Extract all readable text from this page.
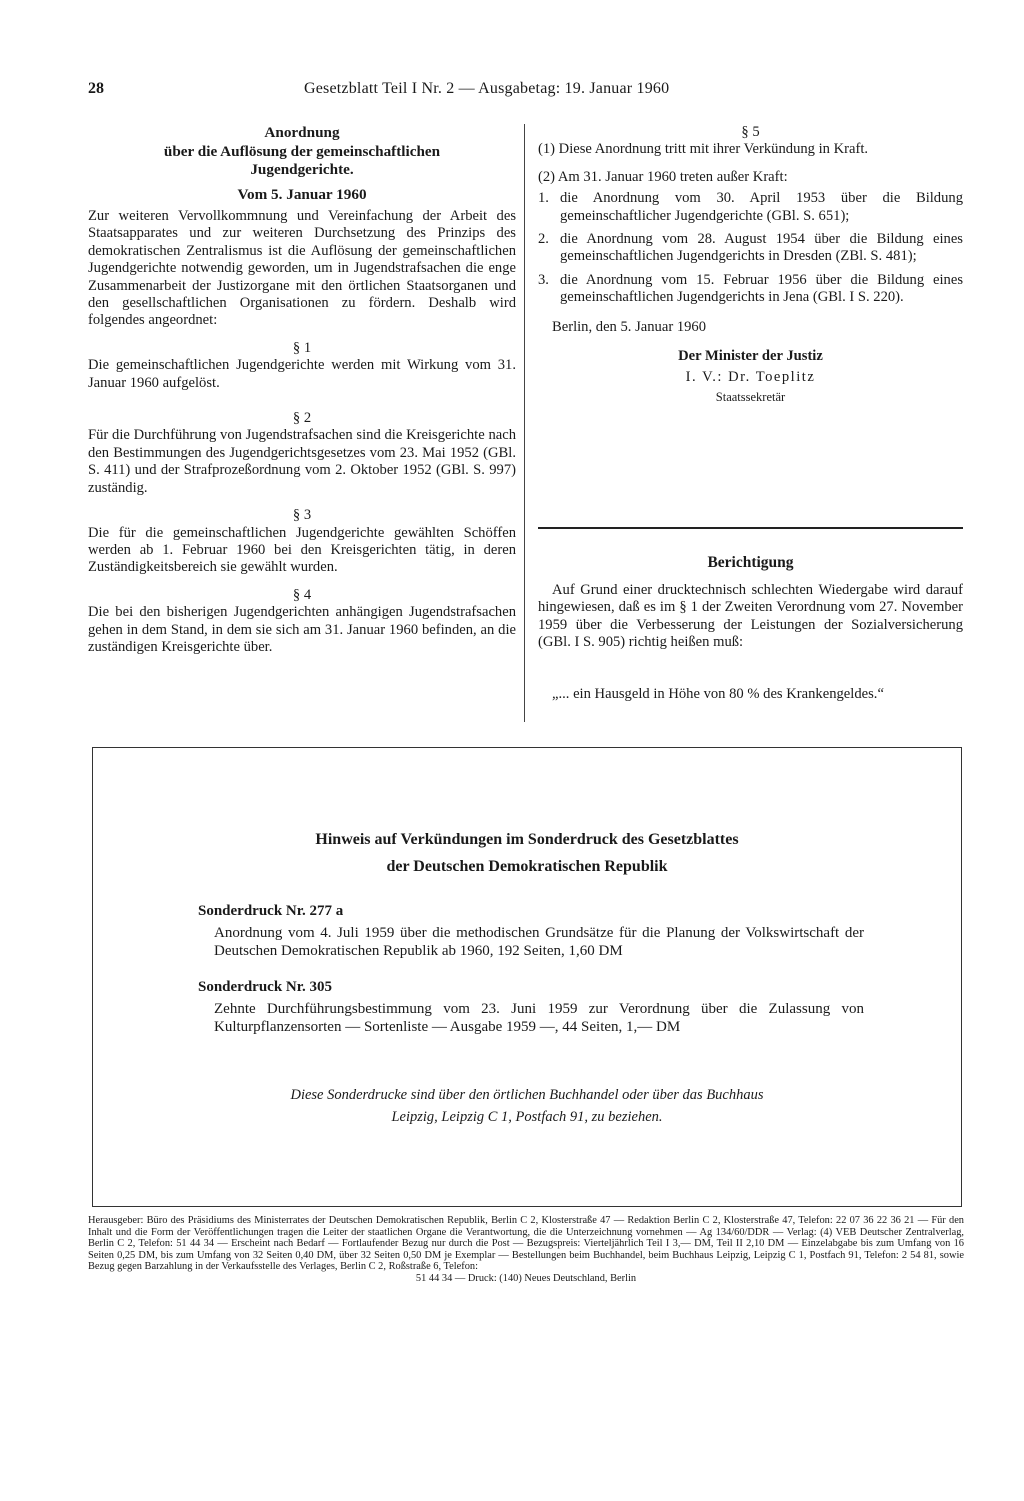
28	Gesetzblatt Teil I Nr. 2 — Ausgabetag: 19. Januar 1960
Anordnung
über die Auflösung der gemeinschaftlichen
Jugendgerichte.
Vom 5. Januar 1960

Zur weiteren Vervollkommnung und Vereinfachung der Arbeit des Staatsapparates und zur weiteren Durchsetzung des Prinzips des demokratischen Zentralismus ist die Auflösung der gemeinschaftlichen Jugendgerichte notwendig geworden, um in Jugendstrafsachen die enge Zusammenarbeit der Justizorgane mit den örtlichen Staatsorganen und den gesellschaftlichen Organisationen zu fördern. Deshalb wird folgendes angeordnet:

§ 1

Die gemeinschaftlichen Jugendgerichte werden mit Wirkung vom 31. Januar 1960 aufgelöst.

§ 2

Für die Durchführung von Jugendstrafsachen sind die Kreisgerichte nach den Bestimmungen des Jugendgerichtsgesetzes vom 23. Mai 1952 (GBl. S. 411) und der Strafprozeßordnung vom 2. Oktober 1952 (GBl. S. 997) zuständig.

§ 3

Die für die gemeinschaftlichen Jugendgerichte gewählten Schöffen werden ab 1. Februar 1960 bei den Kreisgerichten tätig, in deren Zuständigkeitsbereich sie gewählt wurden.

§ 4

Die bei den bisherigen Jugendgerichten anhängigen Jugendstrafsachen gehen in dem Stand, in dem sie sich am 31. Januar 1960 befinden, an die zuständigen Kreisgerichte über.

§ 5

(1) Diese Anordnung tritt mit ihrer Verkündung in Kraft.

(2) Am 31. Januar 1960 treten außer Kraft:

1. die Anordnung vom 30. April 1953 über die Bildung gemeinschaftlicher Jugendgerichte (GBl. S. 651);
2. die Anordnung vom 28. August 1954 über die Bildung eines gemeinschaftlichen Jugendgerichts in Dresden (ZBl. S. 481);
3. die Anordnung vom 15. Februar 1956 über die Bildung eines gemeinschaftlichen Jugendgerichts in Jena (GBl. I S. 220).
Berlin, den 5. Januar 1960
Der Minister der Justiz
I. V.: Dr. Toeplitz
Staatssekretär
Berichtigung

Auf Grund einer drucktechnisch schlechten Wiedergabe wird darauf hingewiesen, daß es im § 1 der Zweiten Verordnung vom 27. November 1959 über die Verbesserung der Leistungen der Sozialversicherung (GBl. I S. 905) richtig heißen muß:

„... ein Hausgeld in Höhe von 80 % des Krankengeldes.“

Hinweis auf Verkündungen im Sonderdruck des Gesetzblattes
der Deutschen Demokratischen Republik
Sonderdruck Nr. 277 a
Anordnung vom 4. Juli 1959 über die methodischen Grundsätze für die Planung der Volkswirtschaft der Deutschen Demokratischen Republik ab 1960, 192 Seiten, 1,60 DM
Sonderdruck Nr. 305
Zehnte Durchführungsbestimmung vom 23. Juni 1959 zur Verordnung über die Zulassung von Kulturpflanzensorten — Sortenliste — Ausgabe 1959 —, 44 Seiten, 1,— DM
Diese Sonderdrucke sind über den örtlichen Buchhandel oder über das Buchhaus
Leipzig, Leipzig C 1, Postfach 91, zu beziehen.
Herausgeber: Büro des Präsidiums des Ministerrates der Deutschen Demokratischen Republik, Berlin C 2, Klosterstraße 47 — Redaktion Berlin C 2, Klosterstraße 47, Telefon: 22 07 36 22 36 21 — Für den Inhalt und die Form der Veröffentlichungen tragen die Leiter der staatlichen Organe die Verantwortung, die die Unterzeichnung vornehmen — Ag 134/60/DDR — Verlag: (4) VEB Deutscher Zentralverlag, Berlin C 2, Telefon: 51 44 34 — Erscheint nach Bedarf — Fortlaufender Bezug nur durch die Post — Bezugspreis: Vierteljährlich Teil I 3,— DM, Teil II 2,10 DM — Einzelabgabe bis zum Umfang von 16 Seiten 0,25 DM, bis zum Umfang von 32 Seiten 0,40 DM, über 32 Seiten 0,50 DM je Exemplar — Bestellungen beim Buchhandel, beim Buchhaus Leipzig, Leipzig C 1, Postfach 91, Telefon: 2 54 81, sowie Bezug gegen Barzahlung in der Verkaufsstelle des Verlages, Berlin C 2, Roßstraße 6, Telefon:
51 44 34 — Druck: (140) Neues Deutschland, Berlin
